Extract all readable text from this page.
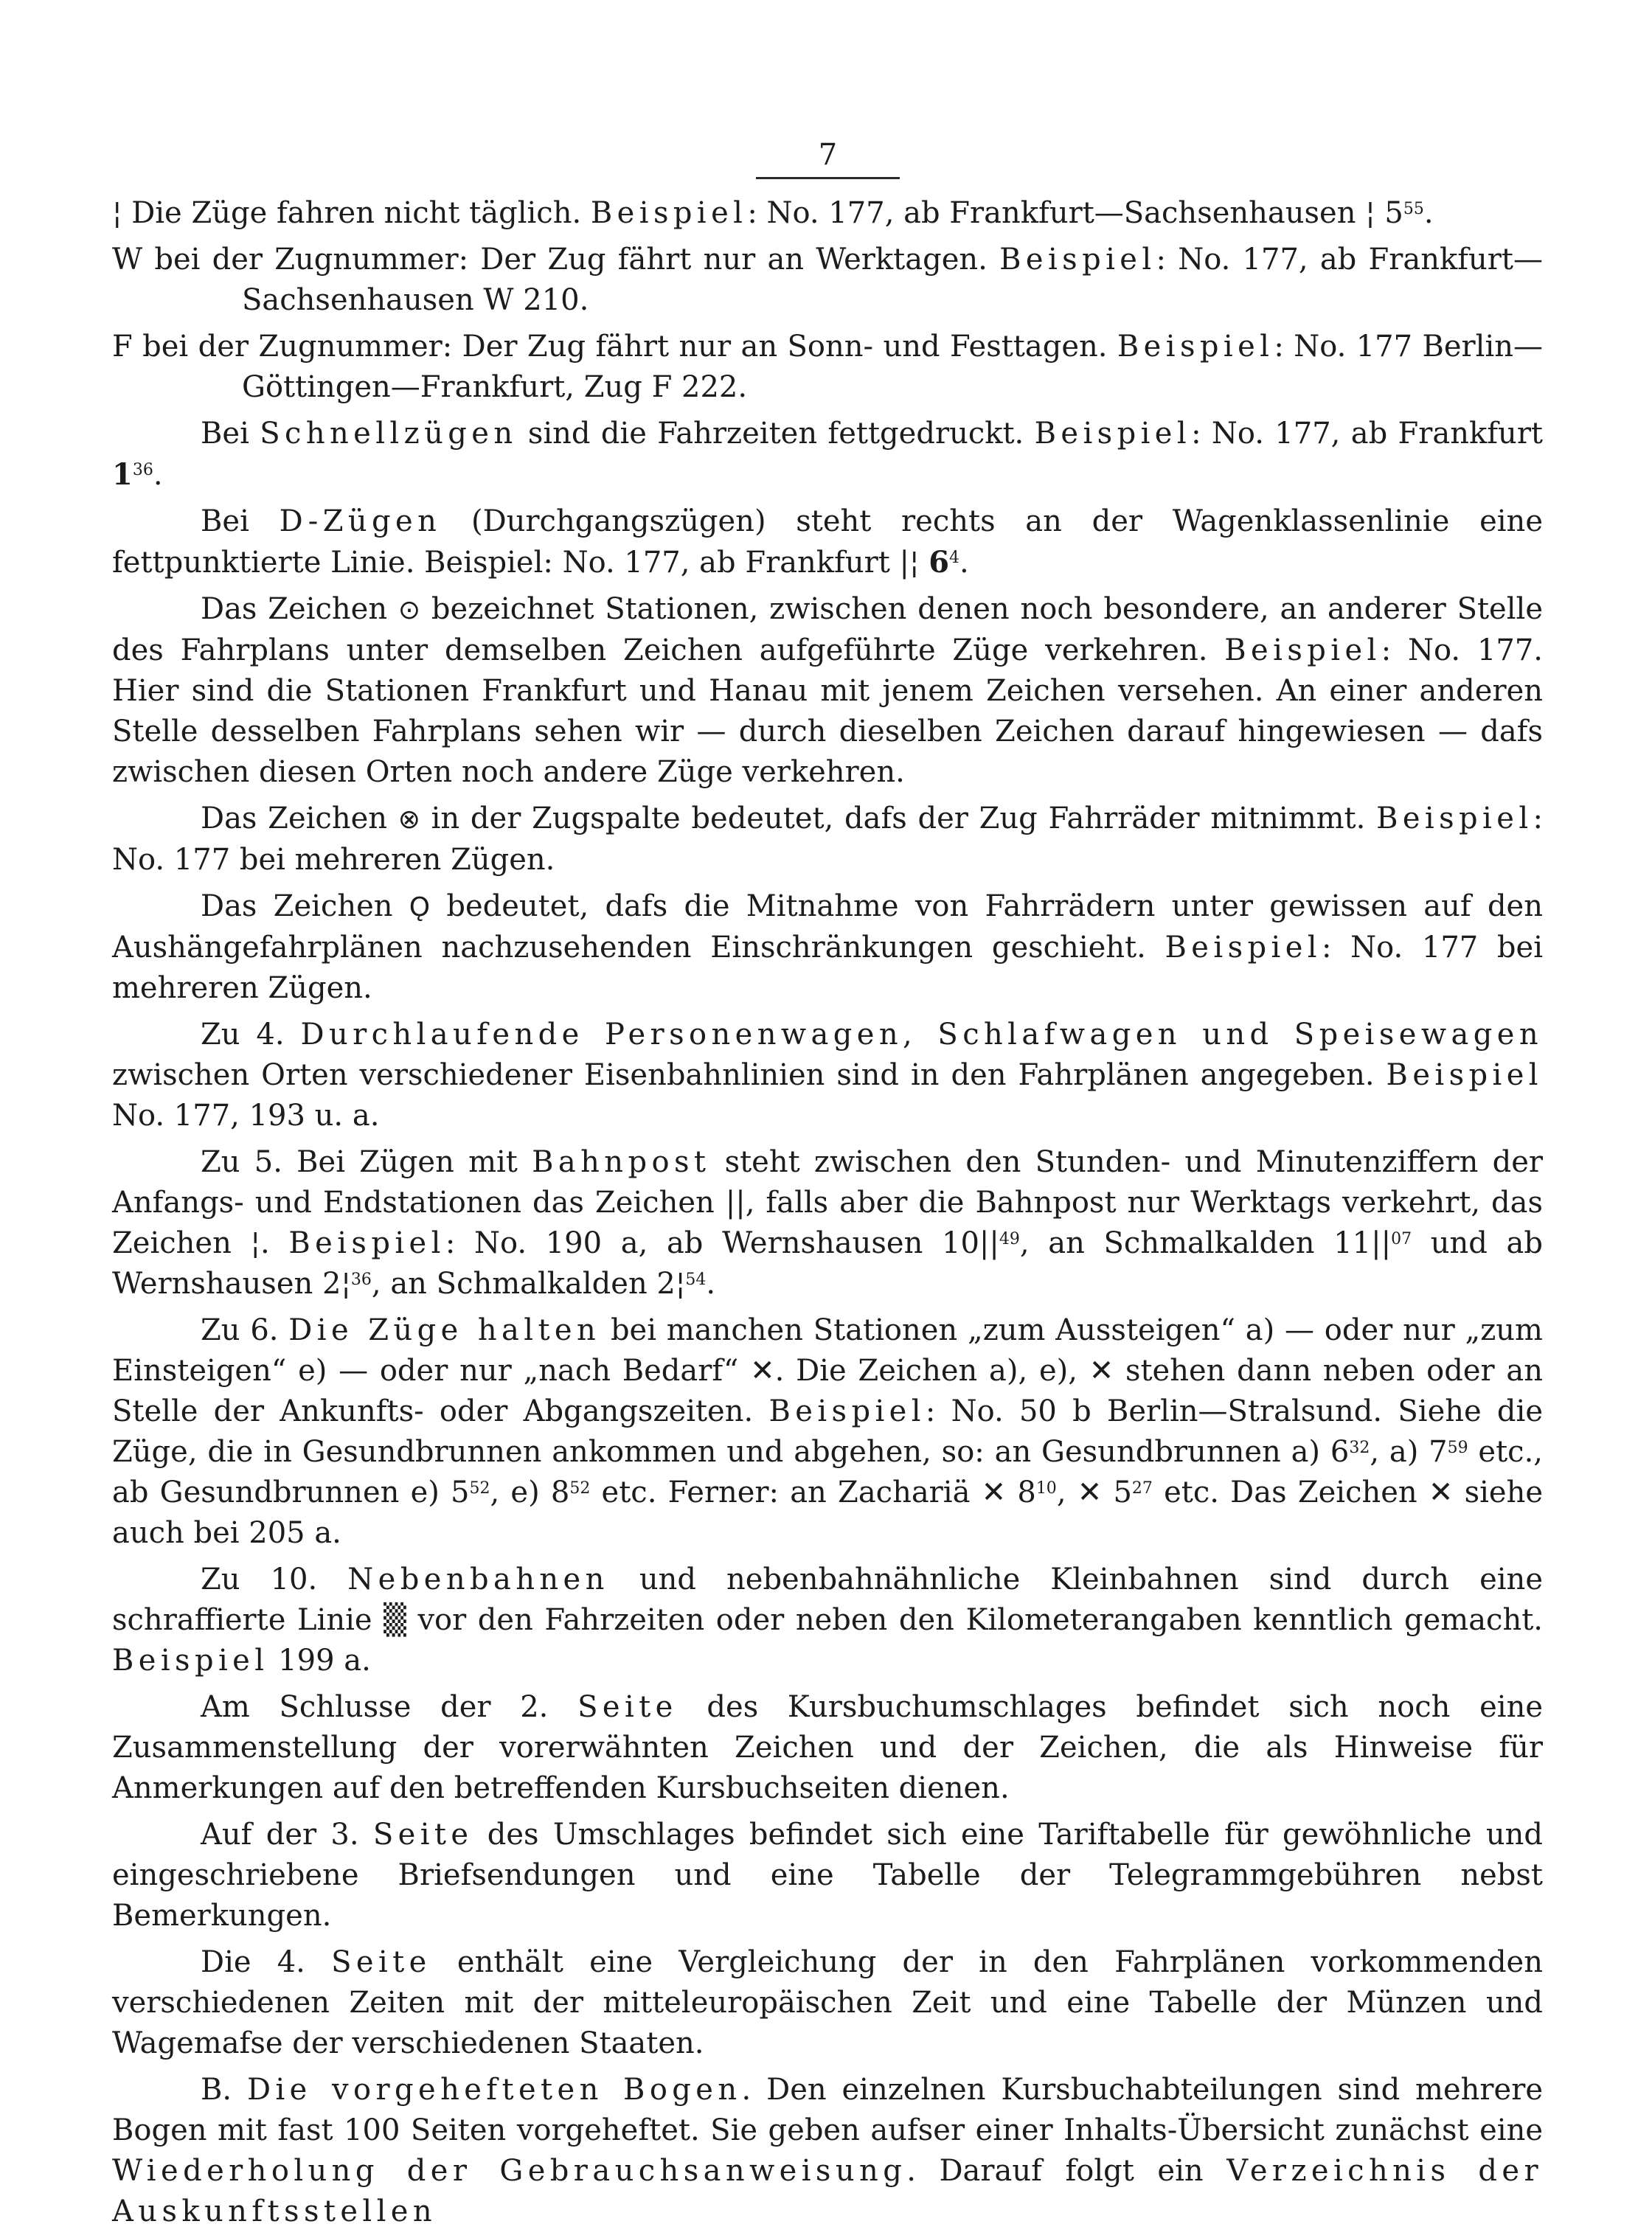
7

¦ Die Züge fahren nicht täglich. Beispiel: No. 177, ab Frankfurt—Sachsenhausen ¦ $5^{55}$.

W bei der Zugnummer: Der Zug fährt nur an Werktagen. Beispiel: No. 177, ab Frankfurt—Sachsenhausen W 210.

F bei der Zugnummer: Der Zug fährt nur an Sonn- und Festtagen. Beispiel: No. 177 Berlin—Göttingen—Frankfurt, Zug F 222.

Bei Schnellzügen sind die Fahrzeiten fettgedruckt. Beispiel: No. 177, ab Frankfurt $1^{36}$.

Bei D-Zügen (Durchgangszügen) steht rechts an der Wagenklassenlinie eine fettpunktierte Linie. Beispiel: No. 177, ab Frankfurt |¦ $6^4$.

Das Zeichen ⊙ bezeichnet Stationen, zwischen denen noch besondere, an anderer Stelle des Fahrplans unter demselben Zeichen aufgeführte Züge verkehren. Beispiel: No. 177. Hier sind die Stationen Frankfurt und Hanau mit jenem Zeichen versehen. An einer anderen Stelle desselben Fahrplans sehen wir — durch dieselben Zeichen darauf hingewiesen — dafs zwischen diesen Orten noch andere Züge verkehren.

Das Zeichen ⊗ in der Zugspalte bedeutet, dafs der Zug Fahrräder mitnimmt. Beispiel: No. 177 bei mehreren Zügen.

Das Zeichen Ǫ bedeutet, dafs die Mitnahme von Fahrrädern unter gewissen auf den Aushängefahrplänen nachzusehenden Einschränkungen geschieht. Beispiel: No. 177 bei mehreren Zügen.

Zu 4. Durchlaufende Personenwagen, Schlafwagen und Speisewagen zwischen Orten verschiedener Eisenbahnlinien sind in den Fahrplänen angegeben. Beispiel No. 177, 193 u. a.

Zu 5. Bei Zügen mit Bahnpost steht zwischen den Stunden- und Minutenziffern der Anfangs- und Endstationen das Zeichen ||, falls aber die Bahnpost nur Werktags verkehrt, das Zeichen ¦. Beispiel: No. 190 a, ab Wernshausen $10||^{49}$, an Schmalkalden $11||^{07}$ und ab Wernshausen 2¦$^{36}$, an Schmalkalden 2¦$^{54}$.

Zu 6. Die Züge halten bei manchen Stationen „zum Aussteigen“ a) — oder nur „zum Einsteigen“ e) — oder nur „nach Bedarf“ ✕. Die Zeichen a), e), ✕ stehen dann neben oder an Stelle der Ankunfts- oder Abgangszeiten. Beispiel: No. 50 b Berlin—Stralsund. Siehe die Züge, die in Gesundbrunnen ankommen und abgehen, so: an Gesundbrunnen a) $6^{32}$, a) $7^{59}$ etc., ab Gesundbrunnen e) $5^{52}$, e) $8^{52}$ etc. Ferner: an Zachariä ✕ $8^{10}$, ✕ $5^{27}$ etc. Das Zeichen ✕ siehe auch bei 205 a.

Zu 10. Nebenbahnen und nebenbahnähnliche Kleinbahnen sind durch eine schraffierte Linie ▒ vor den Fahrzeiten oder neben den Kilometerangaben kenntlich gemacht. Beispiel 199 a.

Am Schlusse der 2. Seite des Kursbuchumschlages befindet sich noch eine Zusammenstellung der vorerwähnten Zeichen und der Zeichen, die als Hinweise für Anmerkungen auf den betreffenden Kursbuchseiten dienen.

Auf der 3. Seite des Umschlages befindet sich eine Tariftabelle für gewöhnliche und eingeschriebene Briefsendungen und eine Tabelle der Telegrammgebühren nebst Bemerkungen.

Die 4. Seite enthält eine Vergleichung der in den Fahrplänen vorkommenden verschiedenen Zeiten mit der mitteleuropäischen Zeit und eine Tabelle der Münzen und Wagemafse der verschiedenen Staaten.

B. Die vorgehefteten Bogen. Den einzelnen Kursbuchabteilungen sind mehrere Bogen mit fast 100 Seiten vorgeheftet. Sie geben aufser einer Inhalts-Übersicht zunächst eine Wiederholung der Gebrauchsanweisung. Darauf folgt ein Verzeichnis der Auskunftsstellen
